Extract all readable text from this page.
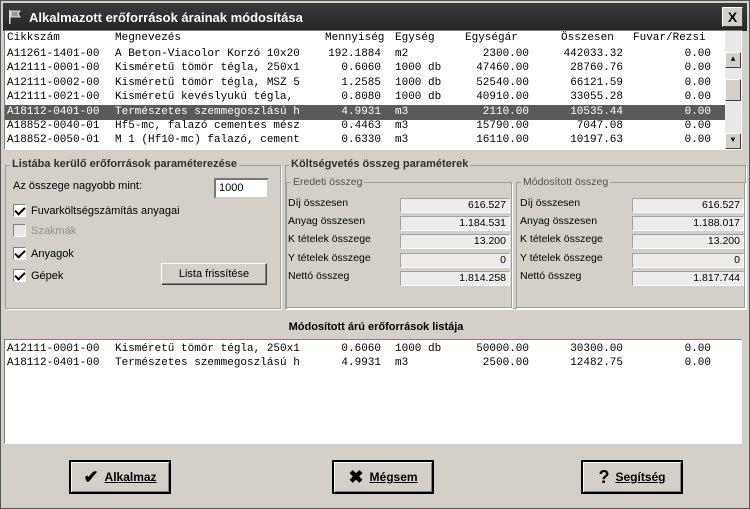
Alkalmazott erőforrások árainak módosítása	X
Cikkszám	Megnevezés	Mennyiség Egység	Egységár	Összesen Fuvar/Rezsi
A11261-1401-00 A Beton-Viacolor Korzó 10x20	192.1884 m2	2300.00	442033.32	0.00
A12111-0001-00 Kisméretű tömör tégla, 250x1	0.6060 1000 db	47460.00	28760.76	0.00
A12111-0002-00 Kisméretű tömör tégla, MSZ 5	1.2585 1000 db	52540.00	66121.59	0.00
A12111-0021-00 Kisméretű kevéslyukú tégla,	0.8080 1000 db	40910.00	33055.28	0.00
A18112-0401-00 Természetes szemmegoszlású h	4.9931 m3	2110.00	10535.44	0.00
A18852-0040-01 Hf5-mc, falazó cementes mész	0.4463 m3	15790.00	7047.08	0.00
A18852-0050-01 M 1 (Hf10-mc) falazó, cement	0.6330 m3	16110.00	10197.63	0.00
▲
▼
Listába kerülő erőforrások paraméterezése
Az összege nagyobb mint:	1000
Fuvarköltségszámítás anyagai
Szakmák
Anyagok
Gépek	Lista frissítése
Költségvetés összeg paraméterek
Eredeti összeg
Díj összesen	616.527
Anyag összesen	1.184.531
K tételek összege	13.200
Y tételek összege	0
Nettó összeg	1.814.258
Módosított összeg
Díj összesen	616.527
Anyag összesen	1.188.017
K tételek összege	13.200
Y tételek összege	0
Nettó összeg	1.817.744
Módosított árú erőforrások listája
A12111-0001-00 Kisméretű tömör tégla, 250x1	0.6060 1000 db	50000.00	30300.00	0.00
A18112-0401-00 Természetes szemmegoszlású h	4.9931 m3	2500.00	12482.75	0.00
✔ Alkalmaz	✖ Mégsem	? Segítség
